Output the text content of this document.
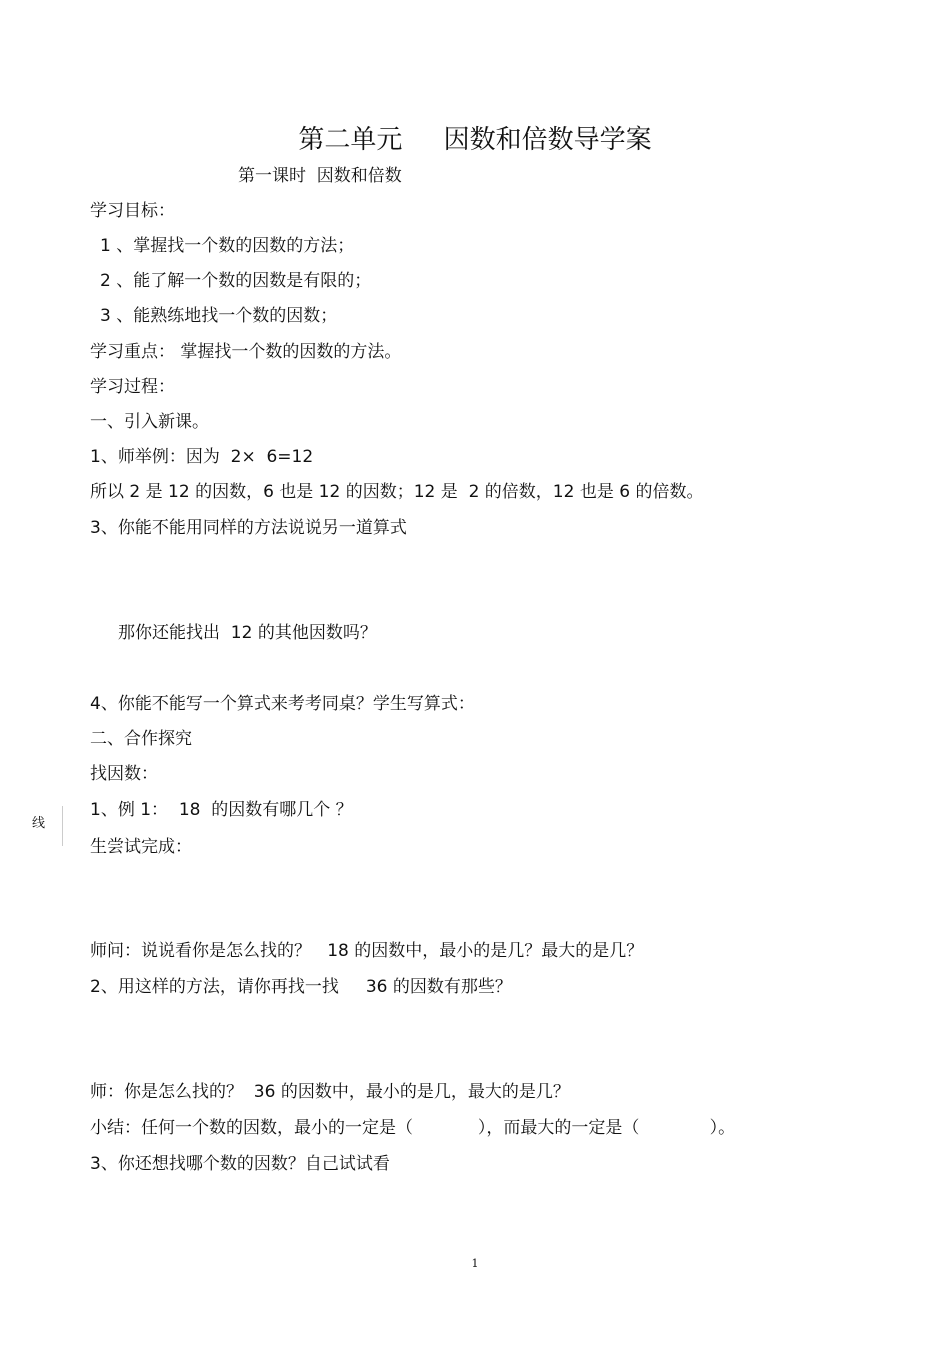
第二单元     因数和倍数导学案
第一课时  因数和倍数
学习目标：
1 、掌握找一个数的因数的方法；
2 、能了解一个数的因数是有限的；
3 、能熟练地找一个数的因数；
学习重点： 掌握找一个数的因数的方法。
学习过程：
一、引入新课。
1、师举例：因为  2×  6=12
所以 2 是 12 的因数，6 也是 12 的因数；12 是  2 的倍数，12 也是 6 的倍数。
3、你能不能用同样的方法说说另一道算式
那你还能找出  12 的其他因数吗？
4、你能不能写一个算式来考考同桌？学生写算式：
二、合作探究
找因数：
1、例 1：  18  的因数有哪几个 ？
生尝试完成：
师问：说说看你是怎么找的？   18 的因数中，最小的是几？最大的是几？
2、用这样的方法，请你再找一找     36 的因数有那些？
师：你是怎么找的？  36 的因数中，最小的是几，最大的是几？
小结：任何一个数的因数，最小的一定是（            ），而最大的一定是（             ）。
3、你还想找哪个数的因数？自己试试看
线
1
